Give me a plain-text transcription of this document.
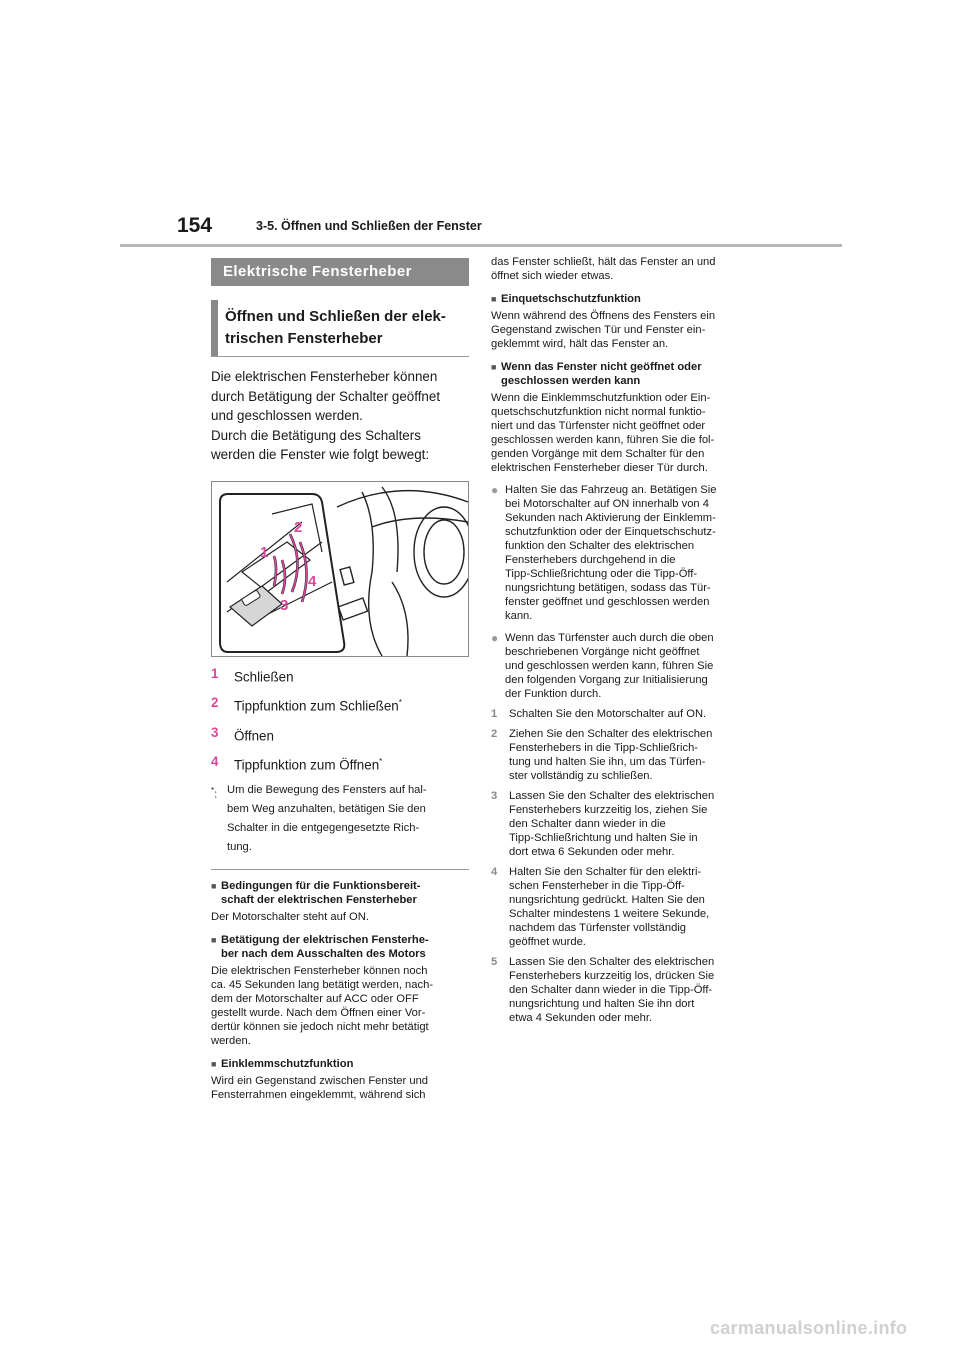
154	3-5. Öffnen und Schließen der Fenster
Elektrische Fensterheber
Öffnen und Schließen der elek-
trischen Fensterheber

Die elektrischen Fensterheber können

durch Betätigung der Schalter geöffnet

und geschlossen werden.

Durch die Betätigung des Schalters

werden die Fenster wie folgt bewegt:

1
2
3
4
1	Schließen
2	Tippfunktion zum Schließen*
3	Öffnen
4	Tippfunktion zum Öffnen*
*: Um die Bewegung des Fensters auf hal-
bem Weg anzuhalten, betätigen Sie den
Schalter in die entgegengesetzte Rich-
tung.
■ Bedingungen für die Funktionsbereit-
schaft der elektrischen Fensterheber
Der Motorschalter steht auf ON.
■ Betätigung der elektrischen Fensterhe-
ber nach dem Ausschalten des Motors
Die elektrischen Fensterheber können noch
ca. 45 Sekunden lang betätigt werden, nach-
dem der Motorschalter auf ACC oder OFF
gestellt wurde. Nach dem Öffnen einer Vor-
dertür können sie jedoch nicht mehr betätigt
werden.
■ Einklemmschutzfunktion
Wird ein Gegenstand zwischen Fenster und
Fensterrahmen eingeklemmt, während sich
das Fenster schließt, hält das Fenster an und
öffnet sich wieder etwas.
■ Einquetschschutzfunktion
Wenn während des Öffnens des Fensters ein
Gegenstand zwischen Tür und Fenster ein-
geklemmt wird, hält das Fenster an.
■ Wenn das Fenster nicht geöffnet oder
geschlossen werden kann
Wenn die Einklemmschutzfunktion oder Ein-
quetschschutzfunktion nicht normal funktio-
niert und das Türfenster nicht geöffnet oder
geschlossen werden kann, führen Sie die fol-
genden Vorgänge mit dem Schalter für den
elektrischen Fensterheber dieser Tür durch.
● Halten Sie das Fahrzeug an. Betätigen Sie
bei Motorschalter auf ON innerhalb von 4
Sekunden nach Aktivierung der Einklemm-
schutzfunktion oder der Einquetschschutz-
funktion den Schalter des elektrischen
Fensterhebers durchgehend in die
Tipp-Schließrichtung oder die Tipp-Öff-
nungsrichtung betätigen, sodass das Tür-
fenster geöffnet und geschlossen werden
kann.
● Wenn das Türfenster auch durch die oben
beschriebenen Vorgänge nicht geöffnet
und geschlossen werden kann, führen Sie
den folgenden Vorgang zur Initialisierung
der Funktion durch.
1	Schalten Sie den Motorschalter auf ON.
2	Ziehen Sie den Schalter des elektrischen
Fensterhebers in die Tipp-Schließrich-
tung und halten Sie ihn, um das Türfen-
ster vollständig zu schließen.
3	Lassen Sie den Schalter des elektrischen
Fensterhebers kurzzeitig los, ziehen Sie
den Schalter dann wieder in die
Tipp-Schließrichtung und halten Sie in
dort etwa 6 Sekunden oder mehr.
4	Halten Sie den Schalter für den elektri-
schen Fensterheber in die Tipp-Öff-
nungsrichtung gedrückt. Halten Sie den
Schalter mindestens 1 weitere Sekunde,
nachdem das Türfenster vollständig
geöffnet wurde.
5	Lassen Sie den Schalter des elektrischen
Fensterhebers kurzzeitig los, drücken Sie
den Schalter dann wieder in die Tipp-Öff-
nungsrichtung und halten Sie ihn dort
etwa 4 Sekunden oder mehr.
carmanualsonline.info
